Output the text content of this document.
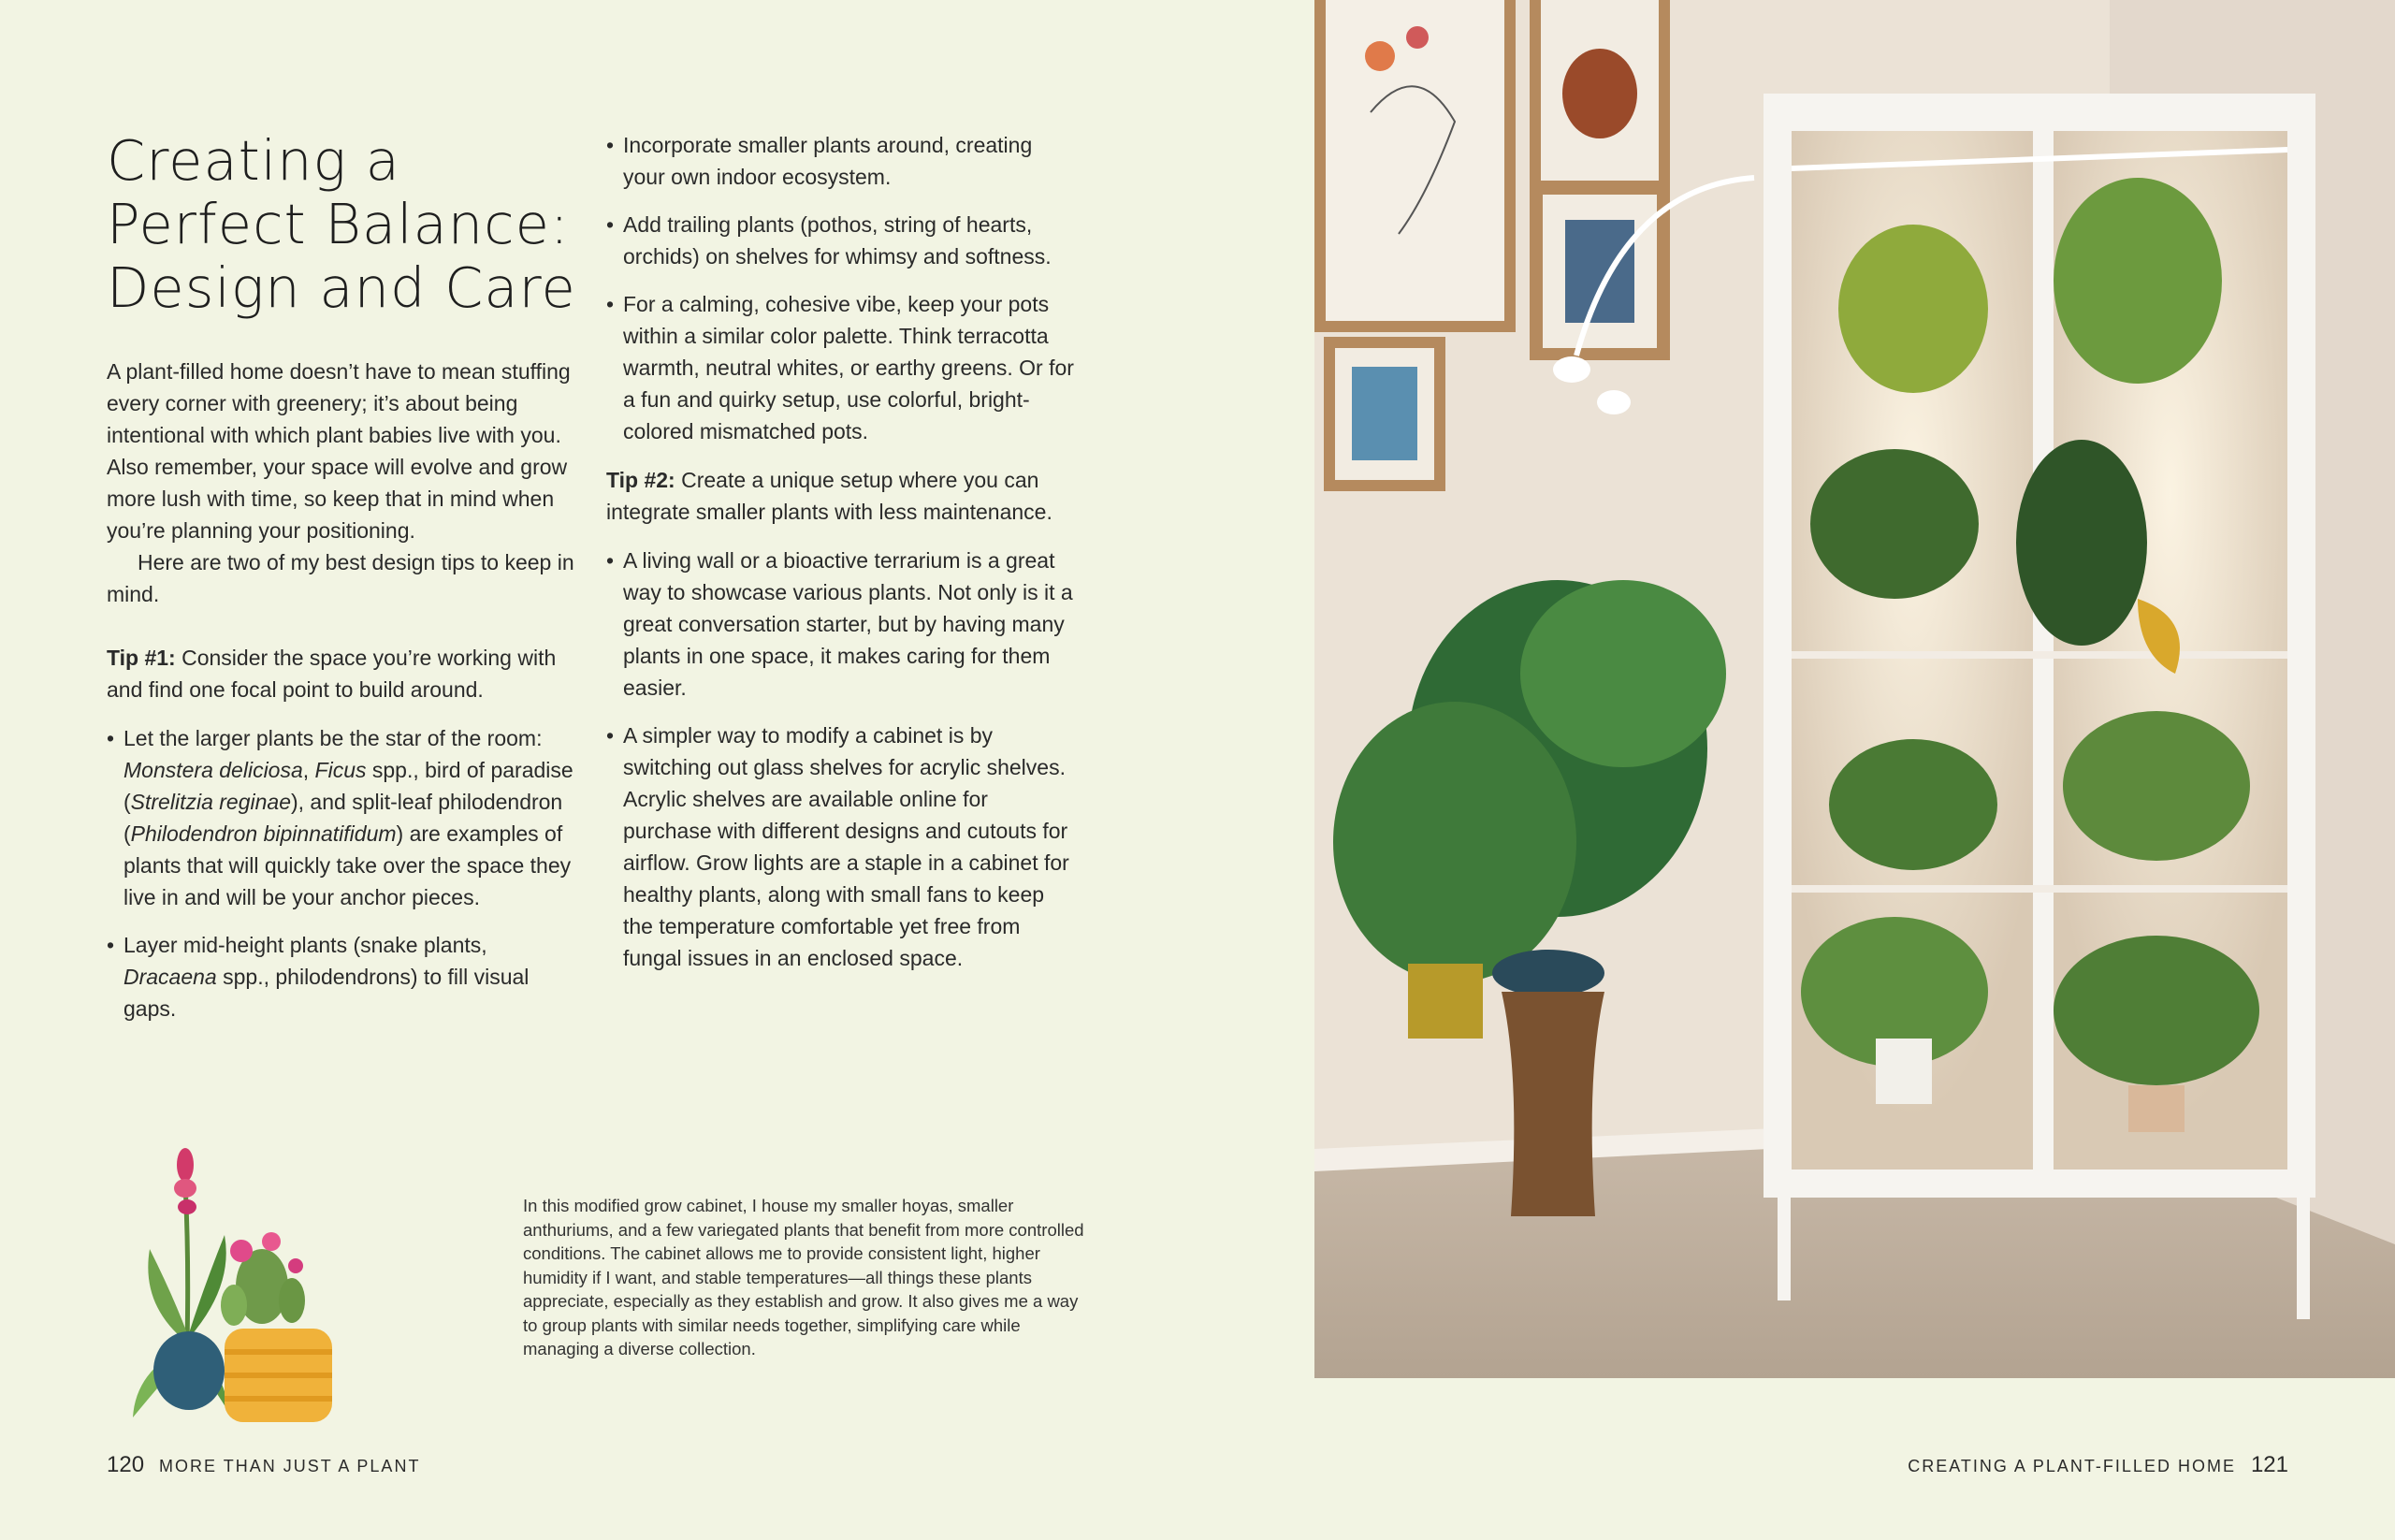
Creating a
Perfect Balance:
Design and Care

A plant-filled home doesn’t have to mean stuffing every corner with greenery; it’s about being intentional with which plant babies live with you. Also remember, your space will evolve and grow more lush with time, so keep that in mind when you’re planning your positioning.

Here are two of my best design tips to keep in mind.

Tip #1: Consider the space you’re working with and find one focal point to build around.
• Let the larger plants be the star of the room: Monstera deliciosa, Ficus spp., bird of paradise (Strelitzia reginae), and split-leaf philodendron (Philodendron bipinnatifidum) are examples of plants that will quickly take over the space they live in and will be your anchor pieces.
• Layer mid-height plants (snake plants, Dracaena spp., philodendrons) to fill visual gaps.
• Incorporate smaller plants around, creating your own indoor ecosystem.
• Add trailing plants (pothos, string of hearts, orchids) on shelves for whimsy and softness.
• For a calming, cohesive vibe, keep your pots within a similar color palette. Think terracotta warmth, neutral whites, or earthy greens. Or for a fun and quirky setup, use colorful, bright-colored mismatched pots.
Tip #2: Create a unique setup where you can integrate smaller plants with less maintenance.
• A living wall or a bioactive terrarium is a great way to showcase various plants. Not only is it a great conversation starter, but by having many plants in one space, it makes caring for them easier.
• A simpler way to modify a cabinet is by switching out glass shelves for acrylic shelves. Acrylic shelves are available online for purchase with different designs and cutouts for airflow. Grow lights are a staple in a cabinet for healthy plants, along with small fans to keep the temperature comfortable yet free from fungal issues in an enclosed space.
In this modified grow cabinet, I house my smaller hoyas, smaller anthuriums, and a few variegated plants that benefit from more controlled conditions. The cabinet allows me to provide consistent light, higher humidity if I want, and stable temperatures—all things these plants appreciate, especially as they establish and grow. It also gives me a way to group plants with similar needs together, simplifying care while managing a diverse collection.
120 MORE THAN JUST A PLANT	CREATING A PLANT-FILLED HOME 121
